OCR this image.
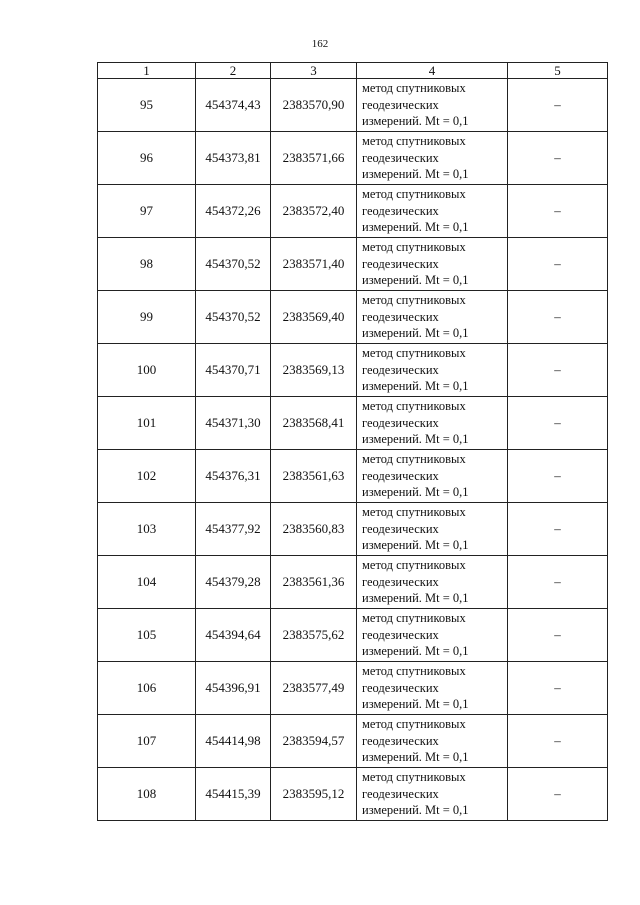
162
1	2	3	4	5
95	454374,43	2383570,90	метод спутниковых
геодезических
измерений. Mt = 0,1	–
96	454373,81	2383571,66	метод спутниковых
геодезических
измерений. Mt = 0,1	–
97	454372,26	2383572,40	метод спутниковых
геодезических
измерений. Mt = 0,1	–
98	454370,52	2383571,40	метод спутниковых
геодезических
измерений. Mt = 0,1	–
99	454370,52	2383569,40	метод спутниковых
геодезических
измерений. Mt = 0,1	–
100	454370,71	2383569,13	метод спутниковых
геодезических
измерений. Mt = 0,1	–
101	454371,30	2383568,41	метод спутниковых
геодезических
измерений. Mt = 0,1	–
102	454376,31	2383561,63	метод спутниковых
геодезических
измерений. Mt = 0,1	–
103	454377,92	2383560,83	метод спутниковых
геодезических
измерений. Mt = 0,1	–
104	454379,28	2383561,36	метод спутниковых
геодезических
измерений. Mt = 0,1	–
105	454394,64	2383575,62	метод спутниковых
геодезических
измерений. Mt = 0,1	–
106	454396,91	2383577,49	метод спутниковых
геодезических
измерений. Mt = 0,1	–
107	454414,98	2383594,57	метод спутниковых
геодезических
измерений. Mt = 0,1	–
108	454415,39	2383595,12	метод спутниковых
геодезических
измерений. Mt = 0,1	–
